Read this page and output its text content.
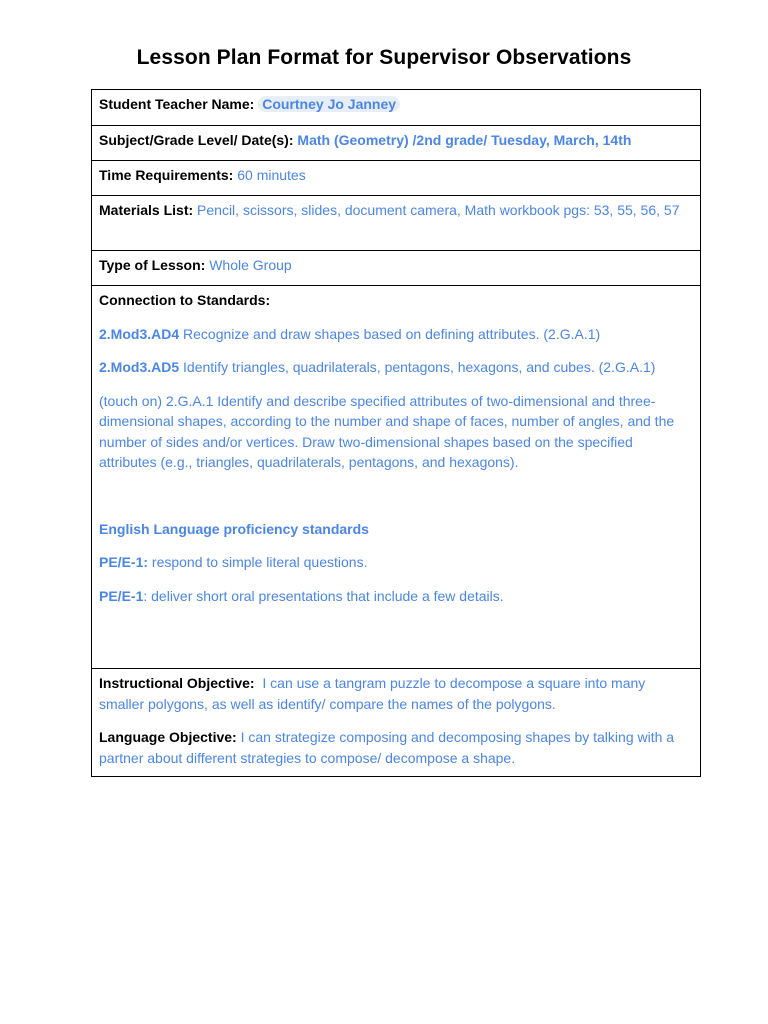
Lesson Plan Format for Supervisor Observations
Student Teacher Name: Courtney Jo Janney
Subject/Grade Level/ Date(s): Math (Geometry) /2nd grade/ Tuesday, March, 14th
Time Requirements: 60 minutes
Materials List: Pencil, scissors, slides, document camera, Math workbook pgs: 53, 55, 56, 57
Type of Lesson: Whole Group

Connection to Standards:

2.Mod3.AD4 Recognize and draw shapes based on defining attributes. (2.G.A.1)

2.Mod3.AD5 Identify triangles, quadrilaterals, pentagons, hexagons, and cubes. (2.G.A.1)

(touch on) 2.G.A.1 Identify and describe specified attributes of two-dimensional and three-dimensional shapes, according to the number and shape of faces, number of angles, and the number of sides and/or vertices. Draw two-dimensional shapes based on the specified attributes (e.g., triangles, quadrilaterals, pentagons, and hexagons).

English Language proficiency standards

PE/E-1: respond to simple literal questions.

PE/E-1: deliver short oral presentations that include a few details.

Instructional Objective:  I can use a tangram puzzle to decompose a square into many smaller polygons, as well as identify/ compare the names of the polygons.

Language Objective: I can strategize composing and decomposing shapes by talking with a partner about different strategies to compose/ decompose a shape.
